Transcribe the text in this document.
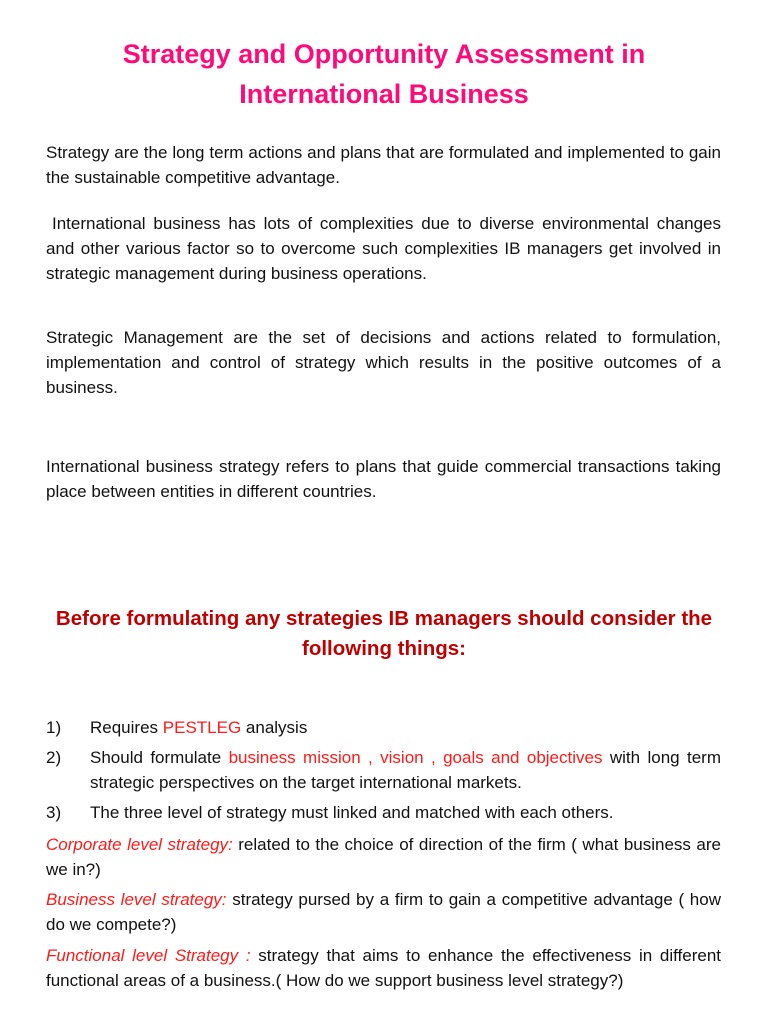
Strategy and Opportunity Assessment in International Business

Strategy are the long term actions and plans that are formulated and implemented to gain the sustainable competitive advantage.

International business has lots of complexities due to diverse environmental changes and other various factor so to overcome such complexities IB managers get involved in strategic management during business operations.

Strategic Management are the set of decisions and actions related to formulation, implementation and control of strategy which results in the positive outcomes of a business.

International business strategy refers to plans that guide commercial transactions taking place between entities in different countries.

Before formulating any strategies IB managers should consider the following things:
1) Requires PESTLEG analysis
2) Should formulate business mission , vision , goals and objectives with long term strategic perspectives on the target international markets.
3) The three level of strategy must linked and matched with each others.

Corporate level strategy: related to the choice of direction of the firm ( what business are we in?)

Business level strategy: strategy pursed by a firm to gain a competitive advantage ( how do we compete?)

Functional level Strategy : strategy that aims to enhance the effectiveness in different functional areas of a business.( How do we support business level strategy?)
